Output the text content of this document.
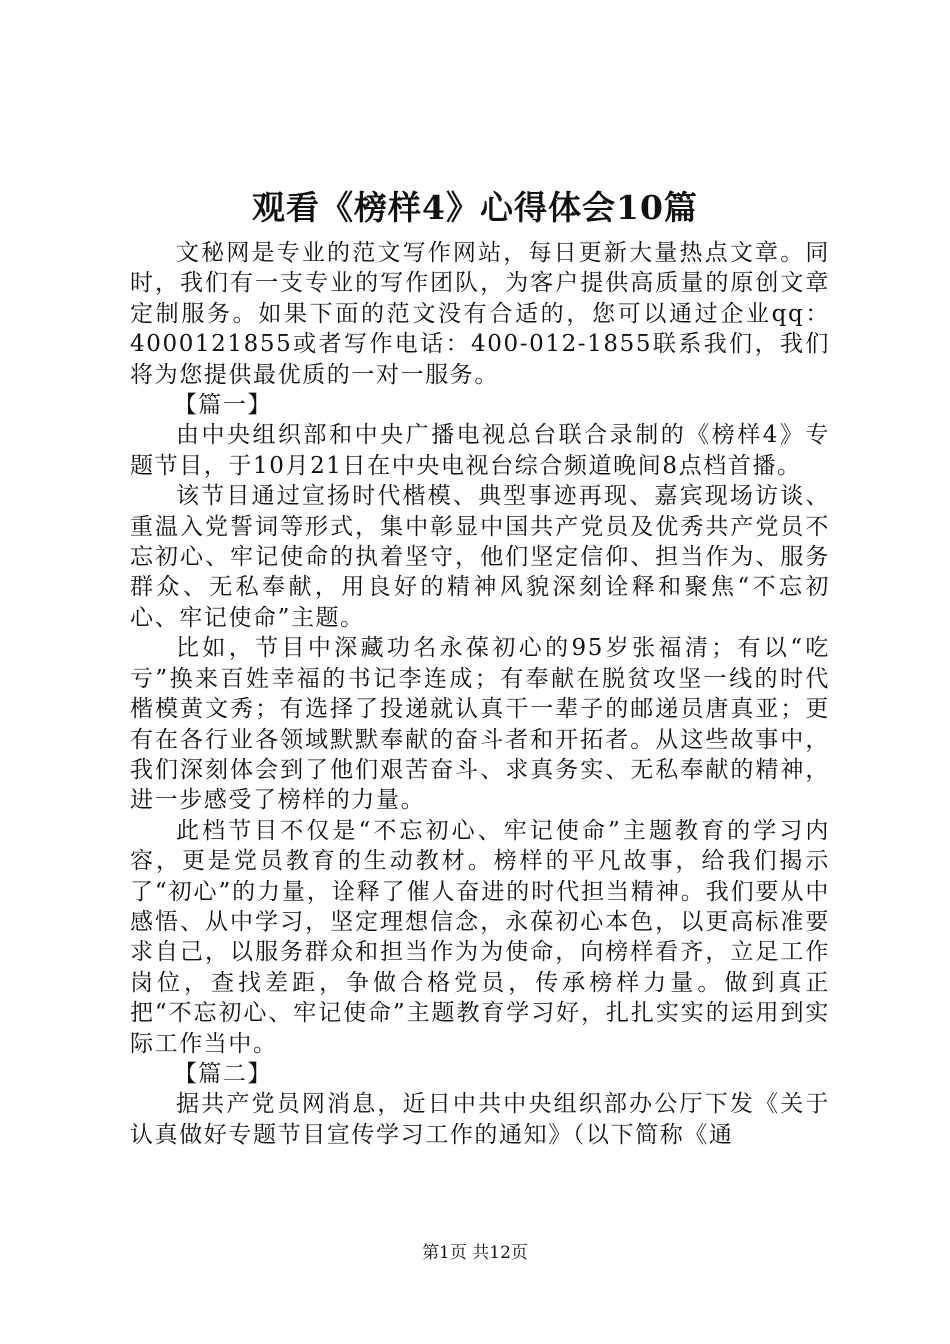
观看《榜样4》心得体会10篇

文秘网是专业的范文写作网站，每日更新大量热点文章。同时，我们有一支专业的写作团队，为客户提供高质量的原创文章定制服务。如果下面的范文没有合适的，您可以通过企业qq：4000121855或者写作电话：400-012-1855联系我们，我们将为您提供最优质的一对一服务。

【篇一】

由中央组织部和中央广播电视总台联合录制的《榜样4》专题节目，于10月21日在中央电视台综合频道晚间8点档首播。

该节目通过宣扬时代楷模、典型事迹再现、嘉宾现场访谈、重温入党誓词等形式，集中彰显中国共产党员及优秀共产党员不忘初心、牢记使命的执着坚守，他们坚定信仰、担当作为、服务群众、无私奉献，用良好的精神风貌深刻诠释和聚焦“不忘初心、牢记使命”主题。

比如，节目中深藏功名永葆初心的95岁张福清；有以“吃亏”换来百姓幸福的书记李连成；有奉献在脱贫攻坚一线的时代楷模黄文秀；有选择了投递就认真干一辈子的邮递员唐真亚；更有在各行业各领域默默奉献的奋斗者和开拓者。从这些故事中，我们深刻体会到了他们艰苦奋斗、求真务实、无私奉献的精神，进一步感受了榜样的力量。

此档节目不仅是“不忘初心、牢记使命”主题教育的学习内容，更是党员教育的生动教材。榜样的平凡故事，给我们揭示了“初心”的力量，诠释了催人奋进的时代担当精神。我们要从中感悟、从中学习，坚定理想信念，永葆初心本色，以更高标准要求自己，以服务群众和担当作为为使命，向榜样看齐，立足工作岗位，查找差距，争做合格党员，传承榜样力量。做到真正把“不忘初心、牢记使命”主题教育学习好，扎扎实实的运用到实际工作当中。

【篇二】

据共产党员网消息，近日中共中央组织部办公厅下发《关于认真做好专题节目宣传学习工作的通知》（以下简称《通

第1页 共12页
